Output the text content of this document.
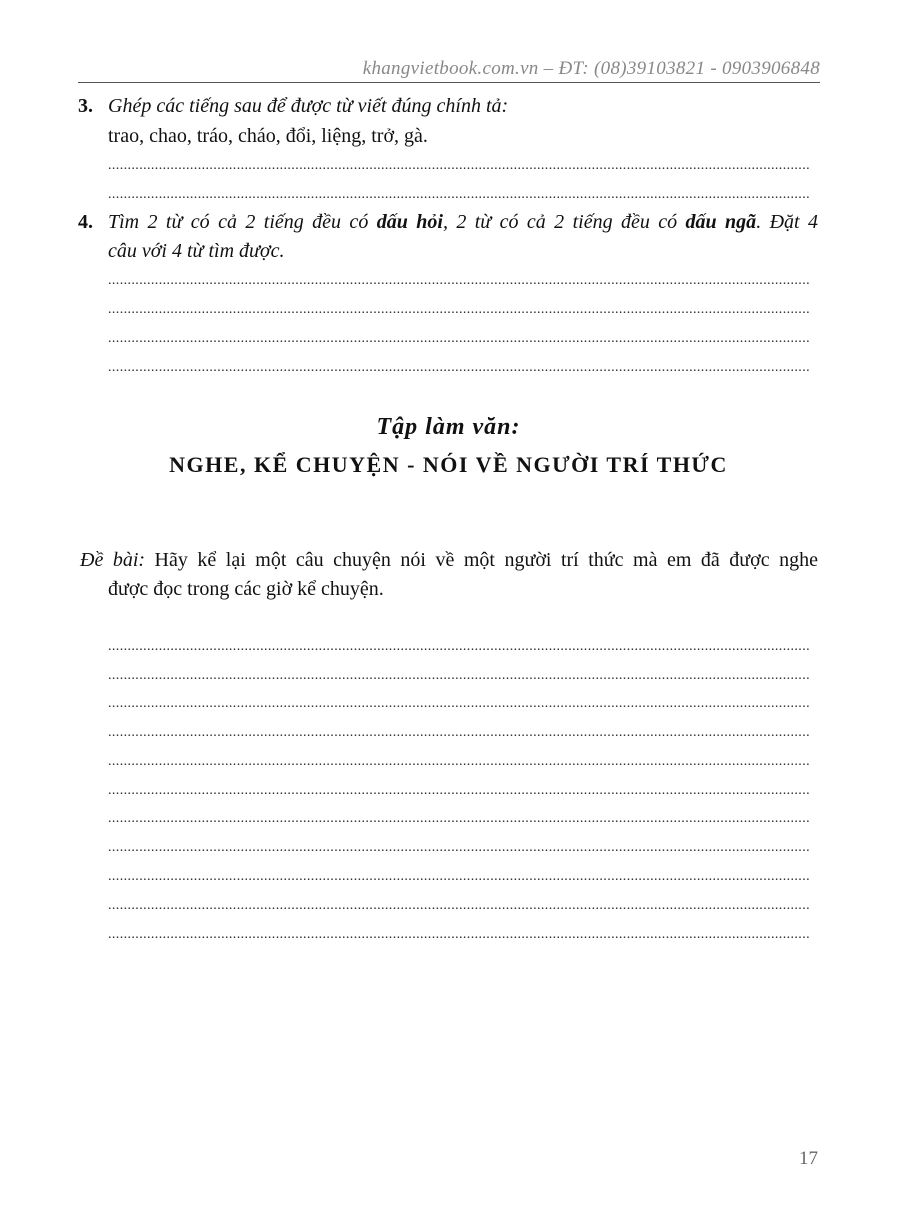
khangvietbook.com.vn – ĐT: (08)39103821 - 0903906848
3. Ghép các tiếng sau để được từ viết đúng chính tả:
trao, chao, tráo, cháo, đổi, liệng, trở, gà.
....................................................................................................................................................................................
....................................................................................................................................................................................
4. Tìm 2 từ có cả 2 tiếng đều có dấu hỏi, 2 từ có cả 2 tiếng đều có dấu ngã. Đặt 4
câu với 4 từ tìm được.
....................................................................................................................................................................................
....................................................................................................................................................................................
....................................................................................................................................................................................
....................................................................................................................................................................................
Tập làm văn:
NGHE, KỂ CHUYỆN - NÓI VỀ NGƯỜI TRÍ THỨC
Đề bài: Hãy kể lại một câu chuyện nói về một người trí thức mà em đã được nghe
được đọc trong các giờ kể chuyện.
....................................................................................................................................................................................
....................................................................................................................................................................................
....................................................................................................................................................................................
....................................................................................................................................................................................
....................................................................................................................................................................................
....................................................................................................................................................................................
....................................................................................................................................................................................
....................................................................................................................................................................................
....................................................................................................................................................................................
....................................................................................................................................................................................
....................................................................................................................................................................................
17
